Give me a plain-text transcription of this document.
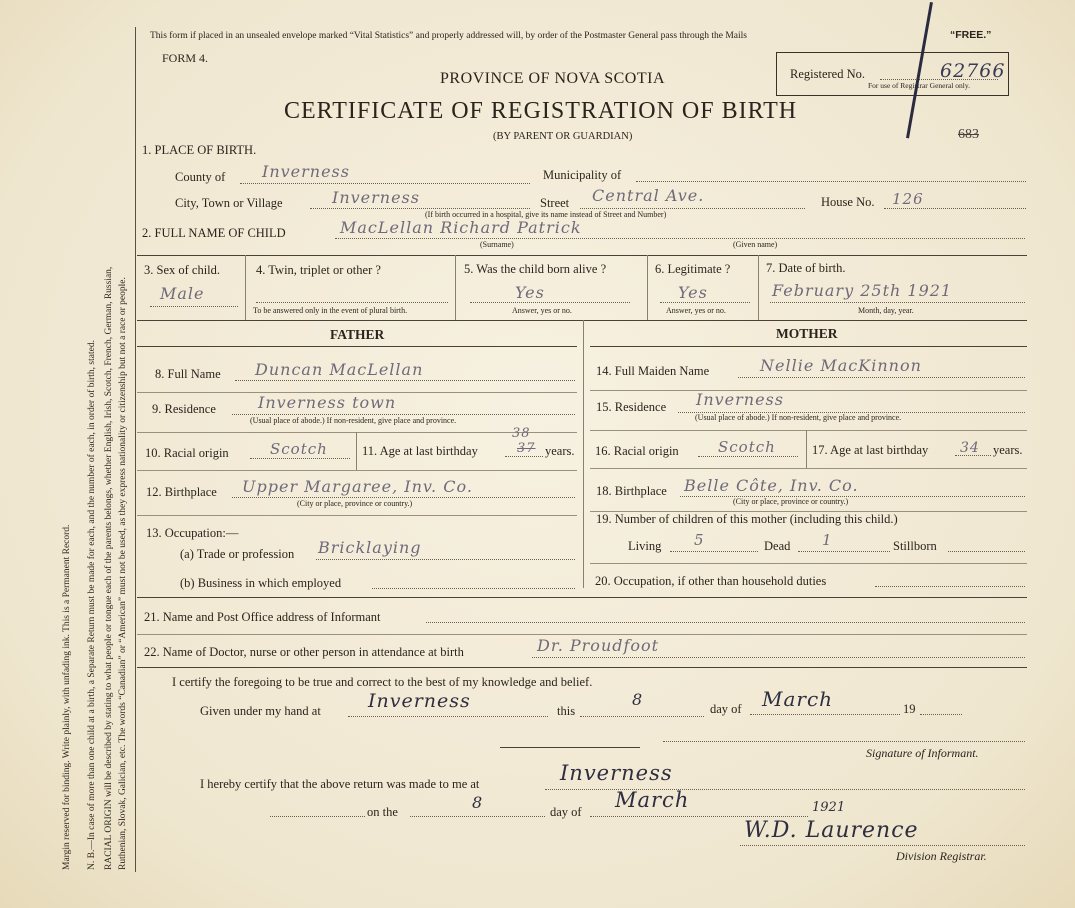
Margin reserved for binding. Write plainly, with unfading ink. This is a Permanent Record. N. B.—In case of more than one child at a birth, a Separate Return must be made for each, and the number of each, in order of birth, stated. RACIAL ORIGIN will be described by stating to what people or tongue each of the parents belongs, whether English, Irish, Scotch, French, German, Russian, Ruthenian, Slovak, Galician, etc. The words “Canadian” or “American” must not be used, as they express nationality or citizenship but not a race or people.
This form if placed in an unsealed envelope marked “Vital Statistics” and properly addressed will, by order of the Postmaster General pass through the Mails	“FREE.”
FORM 4.
PROVINCE OF NOVA SCOTIA
CERTIFICATE OF REGISTRATION OF BIRTH
(BY PARENT OR GUARDIAN)
Registered No.	62766
For use of Registrar General only.
683
1. PLACE OF BIRTH.
County of Inverness	Municipality of
City, Town or Village	Inverness	Street Central Ave.	House No. 126
(If birth occurred in a hospital, give its name instead of Street and Number)
2. FULL NAME OF CHILD	MacLellan Richard Patrick
(Surname)	(Given name)
3. Sex of child.
Male
4. Twin, triplet or other ?
To be answered only in the event of plural birth.
5. Was the child born alive ?
Yes
Answer, yes or no.
6. Legitimate ?
Yes
Answer, yes or no.
7. Date of birth.
February 25th 1921
Month, day, year.
FATHER
8. Full Name Duncan MacLellan
9. Residence	Inverness town
(Usual place of abode.) If non-resident, give place and province.
10. Racial origin	Scotch	11. Age at last birthday
38
37 years.
12. Birthplace Upper Margaree, Inv. Co.
(City or place, province or country.)
13. Occupation:—
(a) Trade or profession Bricklaying
(b) Business in which employed
MOTHER
14. Full Maiden Name	Nellie MacKinnon
15. Residence Inverness
(Usual place of abode.) If non-resident, give place and province.
16. Racial origin	Scotch	17. Age at last birthday 34 years.
18. Birthplace Belle Côte, Inv. Co.
(City or place, province or country.)
19. Number of children of this mother (including this child.)
Living 5	Dead 1	Stillborn
20. Occupation, if other than household duties
21. Name and Post Office address of Informant
22. Name of Doctor, nurse or other person in attendance at birth	Dr. Proudfoot
I certify the foregoing to be true and correct to the best of my knowledge and belief.
Given under my hand at Inverness	this
8	day of March	19
Signature of Informant.
I hereby certify that the above return was made to me at	Inverness
on the	8	day of March	1921
W.D. Laurence
Division Registrar.
